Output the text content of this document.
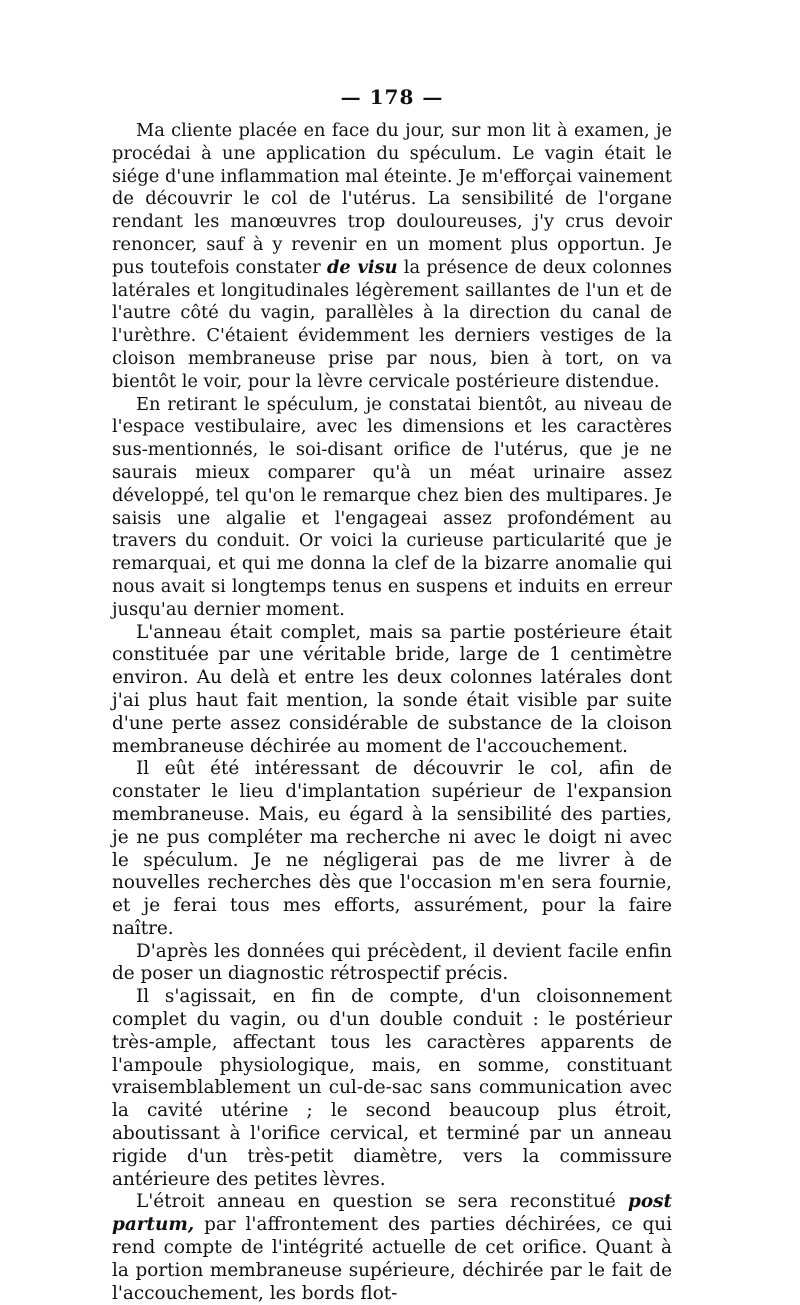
— 178 —

Ma cliente placée en face du jour, sur mon lit à examen, je procédai à une application du spéculum. Le vagin était le siége d'une inflammation mal éteinte. Je m'efforçai vainement de découvrir le col de l'utérus. La sensibilité de l'organe rendant les manœuvres trop douloureuses, j'y crus devoir renoncer, sauf à y revenir en un moment plus opportun. Je pus toutefois constater de visu la présence de deux colonnes latérales et longitudinales légèrement saillantes de l'un et de l'autre côté du vagin, parallèles à la direction du canal de l'urèthre. C'étaient évidemment les derniers vestiges de la cloison membraneuse prise par nous, bien à tort, on va bientôt le voir, pour la lèvre cervicale postérieure distendue.

En retirant le spéculum, je constatai bientôt, au niveau de l'espace vestibulaire, avec les dimensions et les caractères sus-mentionnés, le soi-disant orifice de l'utérus, que je ne saurais mieux comparer qu'à un méat urinaire assez développé, tel qu'on le remarque chez bien des multipares. Je saisis une algalie et l'engageai assez profondément au travers du conduit. Or voici la curieuse particularité que je remarquai, et qui me donna la clef de la bizarre anomalie qui nous avait si longtemps tenus en suspens et induits en erreur jusqu'au dernier moment.

L'anneau était complet, mais sa partie postérieure était constituée par une véritable bride, large de 1 centimètre environ. Au delà et entre les deux colonnes latérales dont j'ai plus haut fait mention, la sonde était visible par suite d'une perte assez considérable de substance de la cloison membraneuse déchirée au moment de l'accouchement.

Il eût été intéressant de découvrir le col, afin de constater le lieu d'implantation supérieur de l'expansion membraneuse. Mais, eu égard à la sensibilité des parties, je ne pus compléter ma recherche ni avec le doigt ni avec le spéculum. Je ne négligerai pas de me livrer à de nouvelles recherches dès que l'occasion m'en sera fournie, et je ferai tous mes efforts, assurément, pour la faire naître.

D'après les données qui précèdent, il devient facile enfin de poser un diagnostic rétrospectif précis.

Il s'agissait, en fin de compte, d'un cloisonnement complet du vagin, ou d'un double conduit : le postérieur très-ample, affectant tous les caractères apparents de l'ampoule physiologique, mais, en somme, constituant vraisemblablement un cul-de-sac sans communication avec la cavité utérine ; le second beaucoup plus étroit, aboutissant à l'orifice cervical, et terminé par un anneau rigide d'un très-petit diamètre, vers la commissure antérieure des petites lèvres.

L'étroit anneau en question se sera reconstitué post partum, par l'affrontement des parties déchirées, ce qui rend compte de l'intégrité actuelle de cet orifice. Quant à la portion membraneuse supérieure, déchirée par le fait de l'accouchement, les bords flot-
